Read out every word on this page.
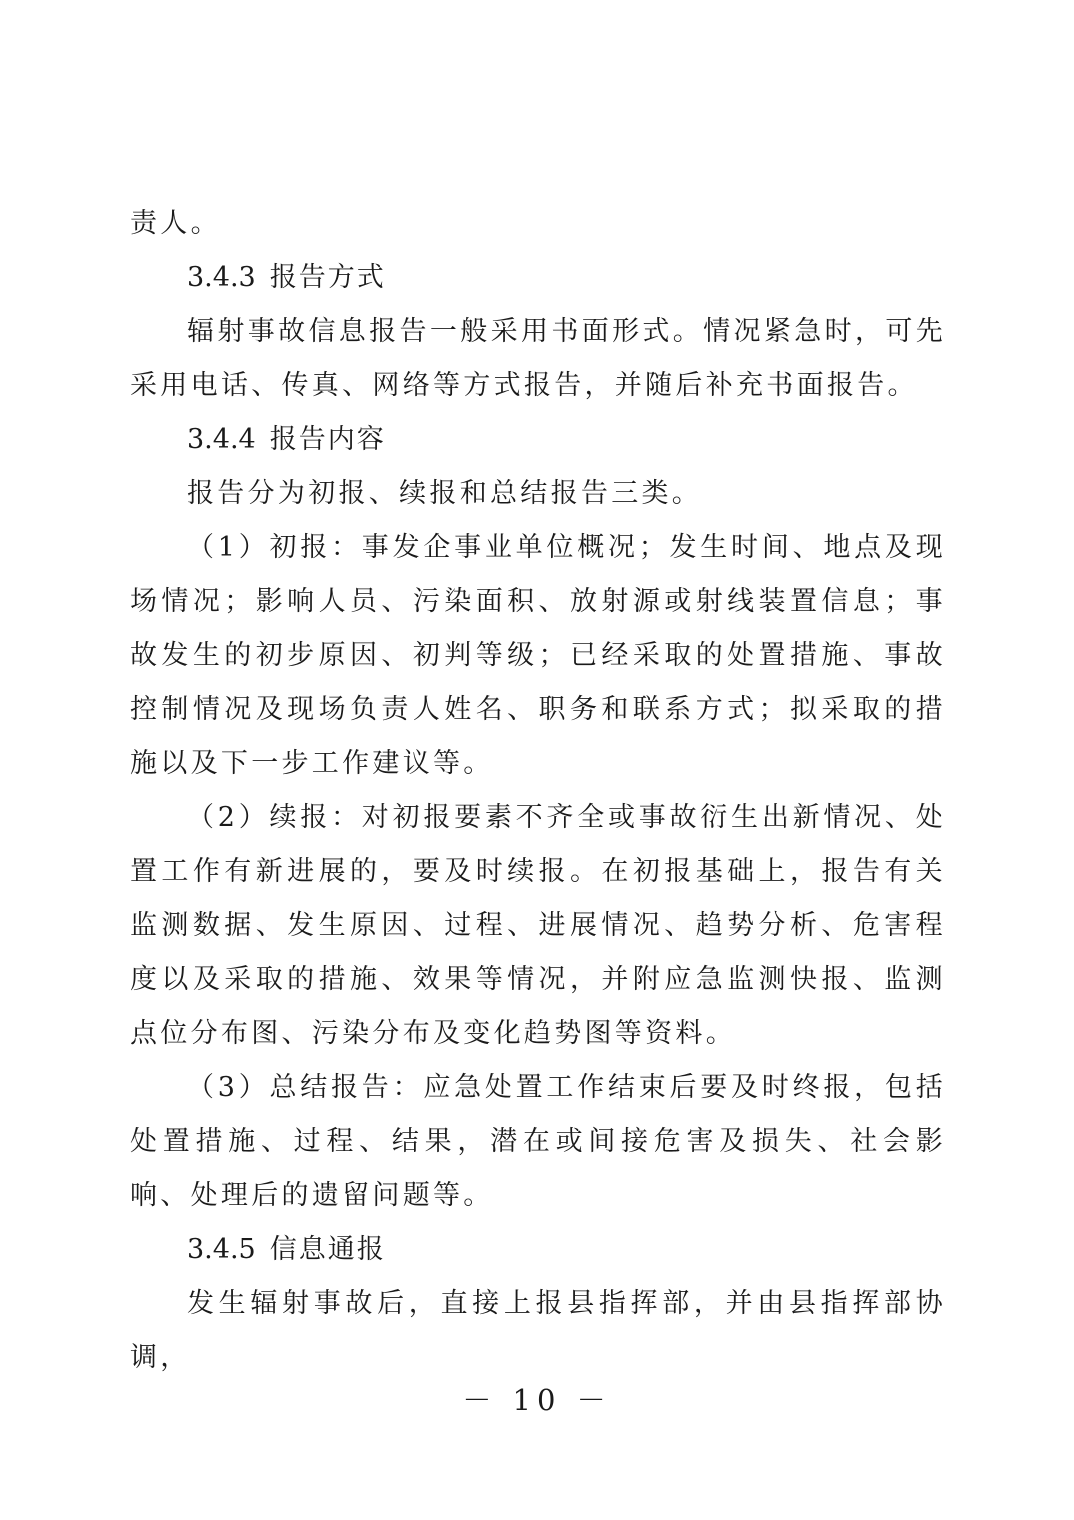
责人。

3.4.3 报告方式

辐射事故信息报告一般采用书面形式。情况紧急时，可先采用电话、传真、网络等方式报告，并随后补充书面报告。

3.4.4 报告内容

报告分为初报、续报和总结报告三类。

（1）初报：事发企事业单位概况；发生时间、地点及现场情况；影响人员、污染面积、放射源或射线装置信息；事故发生的初步原因、初判等级；已经采取的处置措施、事故控制情况及现场负责人姓名、职务和联系方式；拟采取的措施以及下一步工作建议等。

（2）续报：对初报要素不齐全或事故衍生出新情况、处置工作有新进展的，要及时续报。在初报基础上，报告有关监测数据、发生原因、过程、进展情况、趋势分析、危害程度以及采取的措施、效果等情况，并附应急监测快报、监测点位分布图、污染分布及变化趋势图等资料。

（3）总结报告：应急处置工作结束后要及时终报，包括处置措施、过程、结果，潜在或间接危害及损失、社会影响、处理后的遗留问题等。

3.4.5 信息通报

发生辐射事故后，直接上报县指挥部，并由县指挥部协调，

－ 10 －
